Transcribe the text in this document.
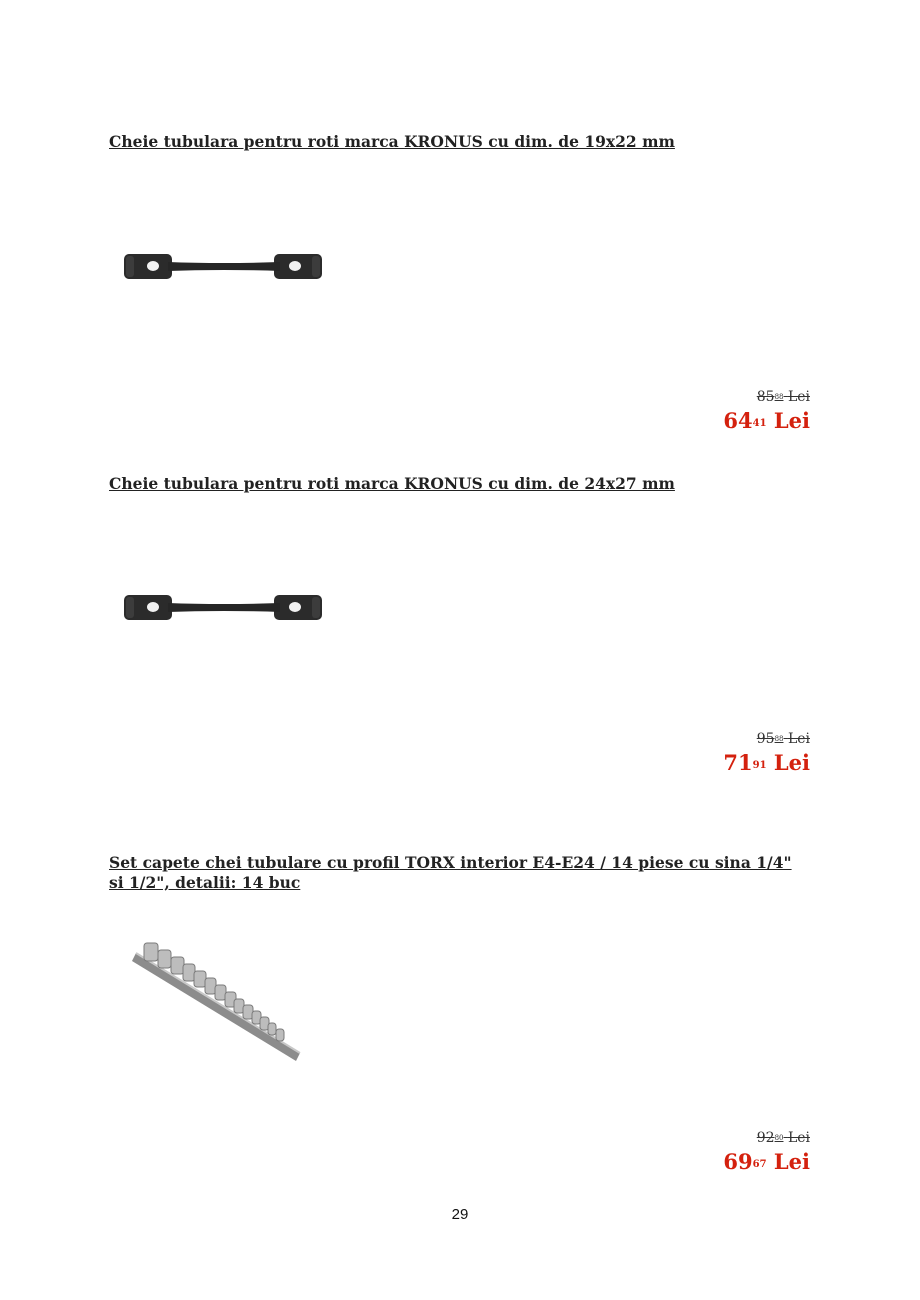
Cheie tubulara pentru roti marca KRONUS cu dim. de 19x22 mm
8588 Lei
6441 Lei
Cheie tubulara pentru roti marca KRONUS cu dim. de 24x27 mm
9588 Lei
7191 Lei
Set capete chei tubulare cu profil TORX interior E4-E24 / 14 piese cu sina 1/4" si 1/2", detalii: 14 buc
9280 Lei
6967 Lei
29
